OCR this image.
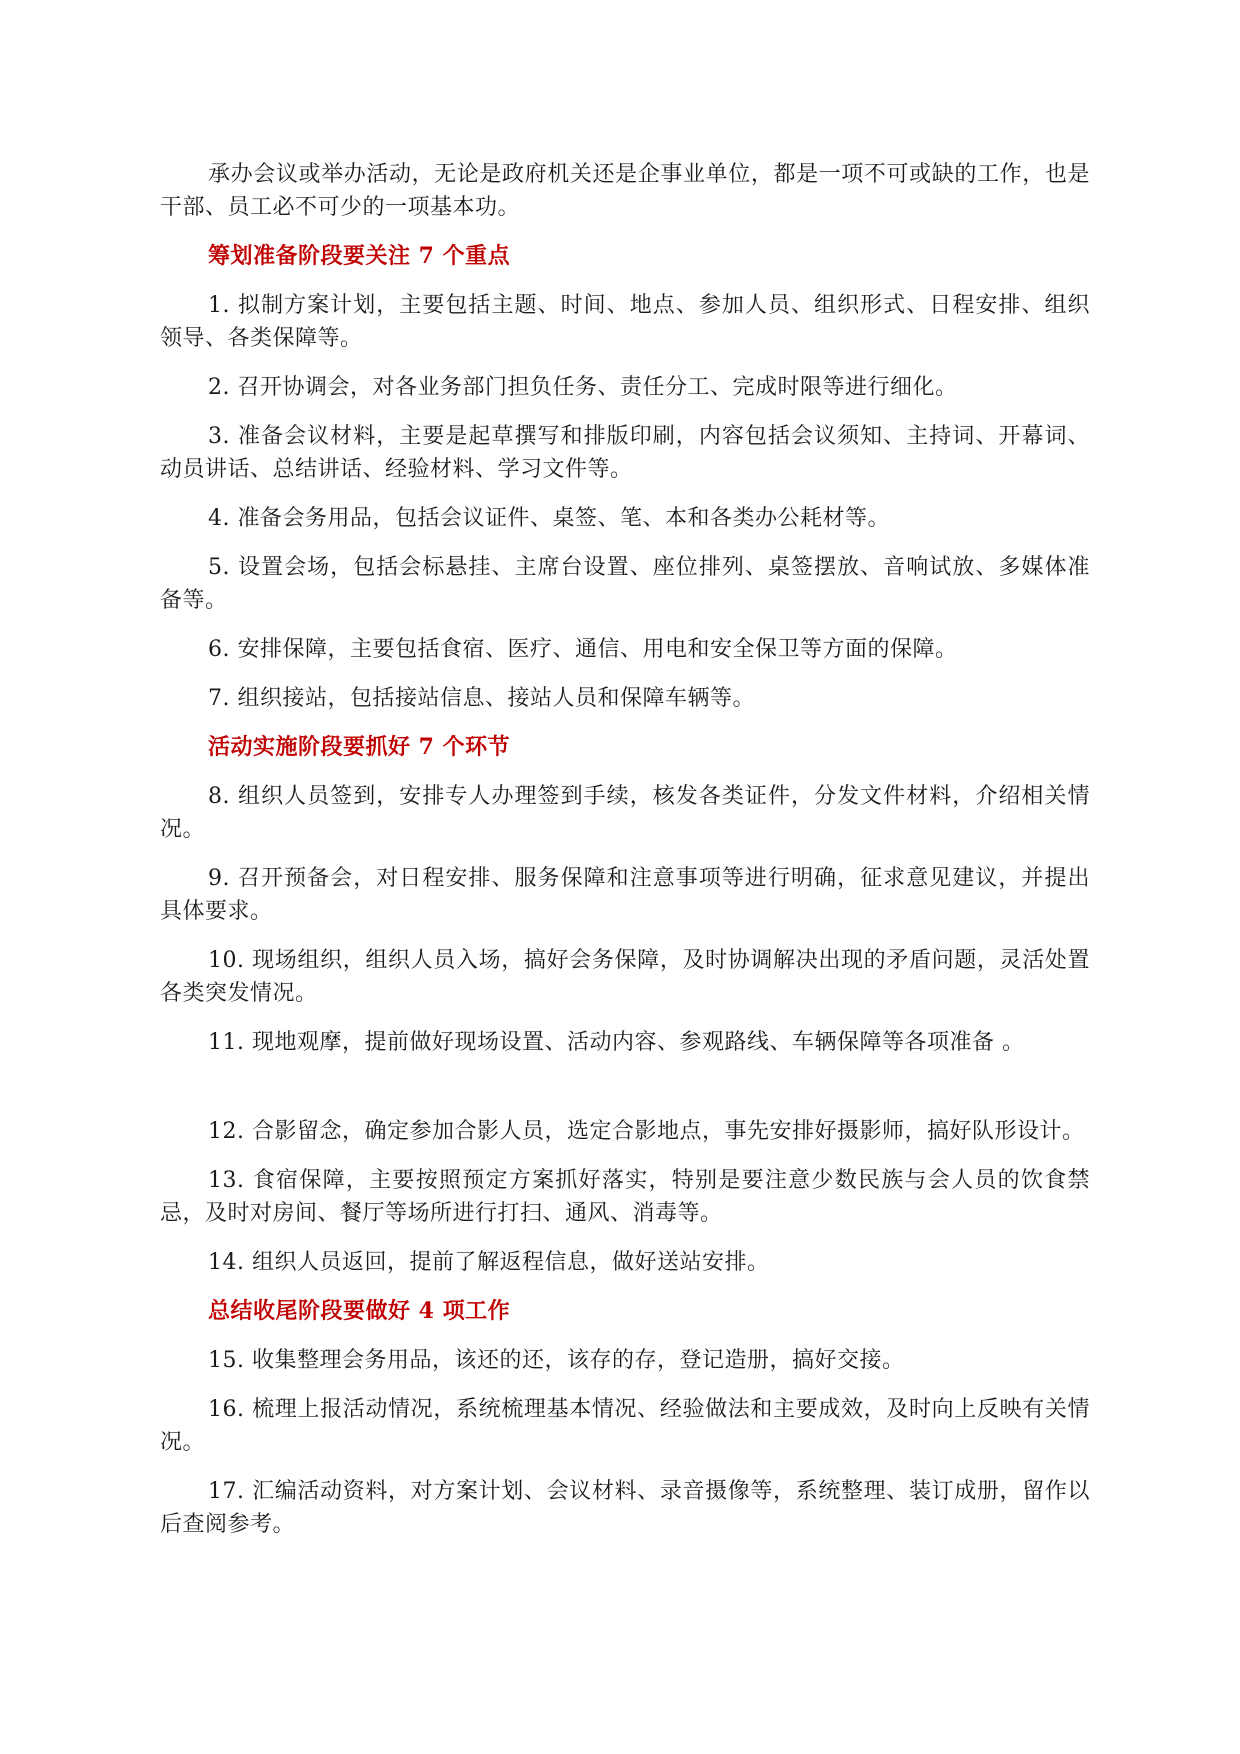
承办会议或举办活动，无论是政府机关还是企事业单位，都是一项不可或缺的工作，也是干部、员工必不可少的一项基本功。

筹划准备阶段要关注 7 个重点

1. 拟制方案计划，主要包括主题、时间、地点、参加人员、组织形式、日程安排、组织领导、各类保障等。

2. 召开协调会，对各业务部门担负任务、责任分工、完成时限等进行细化。

3. 准备会议材料，主要是起草撰写和排版印刷，内容包括会议须知、主持词、开幕词、动员讲话、总结讲话、经验材料、学习文件等。

4. 准备会务用品，包括会议证件、桌签、笔、本和各类办公耗材等。

5. 设置会场，包括会标悬挂、主席台设置、座位排列、桌签摆放、音响试放、多媒体准备等。

6. 安排保障，主要包括食宿、医疗、通信、用电和安全保卫等方面的保障。

7. 组织接站，包括接站信息、接站人员和保障车辆等。

活动实施阶段要抓好 7 个环节

8. 组织人员签到，安排专人办理签到手续，核发各类证件，分发文件材料，介绍相关情况。

9. 召开预备会，对日程安排、服务保障和注意事项等进行明确，征求意见建议，并提出具体要求。

10. 现场组织，组织人员入场，搞好会务保障，及时协调解决出现的矛盾问题，灵活处置各类突发情况。

11. 现地观摩，提前做好现场设置、活动内容、参观路线、车辆保障等各项准备 。

12. 合影留念，确定参加合影人员，选定合影地点，事先安排好摄影师，搞好队形设计。

13. 食宿保障，主要按照预定方案抓好落实，特别是要注意少数民族与会人员的饮食禁忌，及时对房间、餐厅等场所进行打扫、通风、消毒等。

14. 组织人员返回，提前了解返程信息，做好送站安排。

总结收尾阶段要做好 4 项工作

15. 收集整理会务用品，该还的还，该存的存，登记造册，搞好交接。

16. 梳理上报活动情况，系统梳理基本情况、经验做法和主要成效，及时向上反映有关情况。

17. 汇编活动资料，对方案计划、会议材料、录音摄像等，系统整理、装订成册，留作以后查阅参考。
